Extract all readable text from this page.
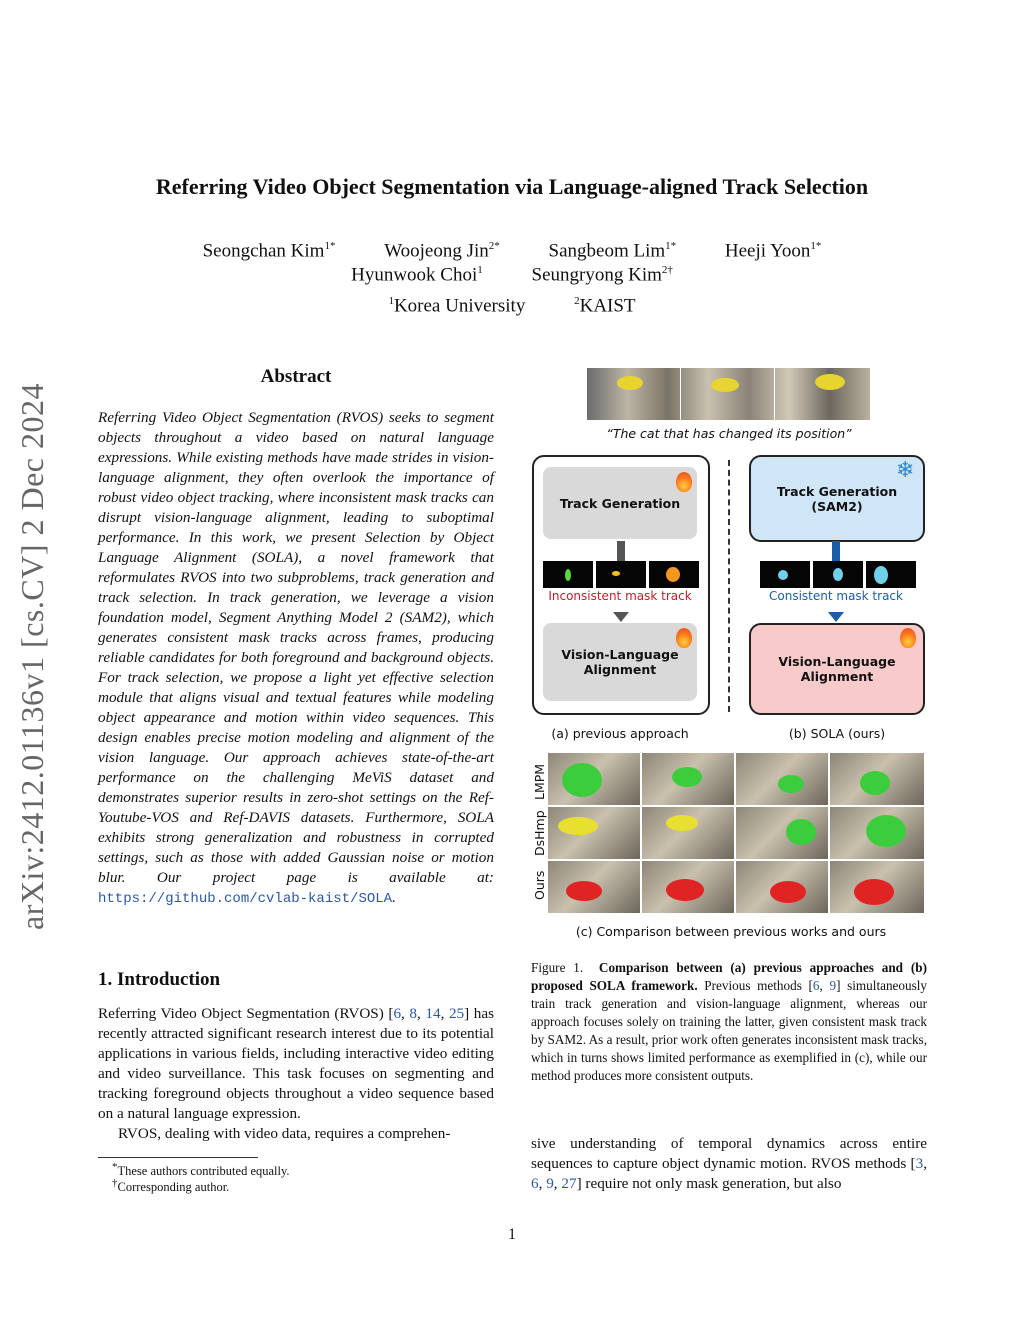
arXiv:2412.01136v1 [cs.CV] 2 Dec 2024
Referring Video Object Segmentation via Language-aligned Track Selection
Seongchan Kim$^{1*}$	Woojeong Jin$^{2*}$	Sangbeom Lim$^{1*}$	Heeji Yoon$^{1*}$
Hyunwook Choi$^1$	Seungryong Kim$^{2\dagger}$
$^1$Korea University	$^2$KAIST
Abstract
Referring Video Object Segmentation (RVOS) seeks to segment objects throughout a video based on natural language expressions. While existing methods have made strides in vision-language alignment, they often overlook the importance of robust video object tracking, where inconsistent mask tracks can disrupt vision-language alignment, leading to suboptimal performance. In this work, we present Selection by Object Language Alignment (SOLA), a novel framework that reformulates RVOS into two subproblems, track generation and track selection. In track generation, we leverage a vision foundation model, Segment Anything Model 2 (SAM2), which generates consistent mask tracks across frames, producing reliable candidates for both foreground and background objects. For track selection, we propose a light yet effective selection module that aligns visual and textual features while modeling object appearance and motion within video sequences. This design enables precise motion modeling and alignment of the vision language. Our approach achieves state-of-the-art performance on the challenging MeViS dataset and demonstrates superior results in zero-shot settings on the Ref-Youtube-VOS and Ref-DAVIS datasets. Furthermore, SOLA exhibits strong generalization and robustness in corrupted settings, such as those with added Gaussian noise or motion blur. Our project page is available at: https://github.com/cvlab-kaist/SOLA.
1. Introduction

Referring Video Object Segmentation (RVOS) [6, 8, 14, 25] has recently attracted significant research interest due to its potential applications in various fields, including interactive video editing and video surveillance. This task focuses on segmenting and tracking foreground objects throughout a video sequence based on a natural language expression.

RVOS, dealing with video data, requires a comprehen-

*These authors contributed equally.
†Corresponding author.
“The cat that has changed its position”
Track Generation
Inconsistent mask track
Vision-Language Alignment
Track Generation (SAM2)
❄
Consistent mask track
Vision-Language Alignment
(a) previous approach	(b) SOLA (ours)
LMPM
DsHmp
Ours
(c) Comparison between previous works and ours
Figure 1. Comparison between (a) previous approaches and (b) proposed SOLA framework. Previous methods [6, 9] simultaneously train track generation and vision-language alignment, whereas our approach focuses solely on training the latter, given consistent mask track by SAM2. As a result, prior work often generates inconsistent mask tracks, which in turns shows limited performance as exemplified in (c), while our method produces more consistent outputs.
sive understanding of temporal dynamics across entire sequences to capture object dynamic motion. RVOS methods [3, 6, 9, 27] require not only mask generation, but also
1
